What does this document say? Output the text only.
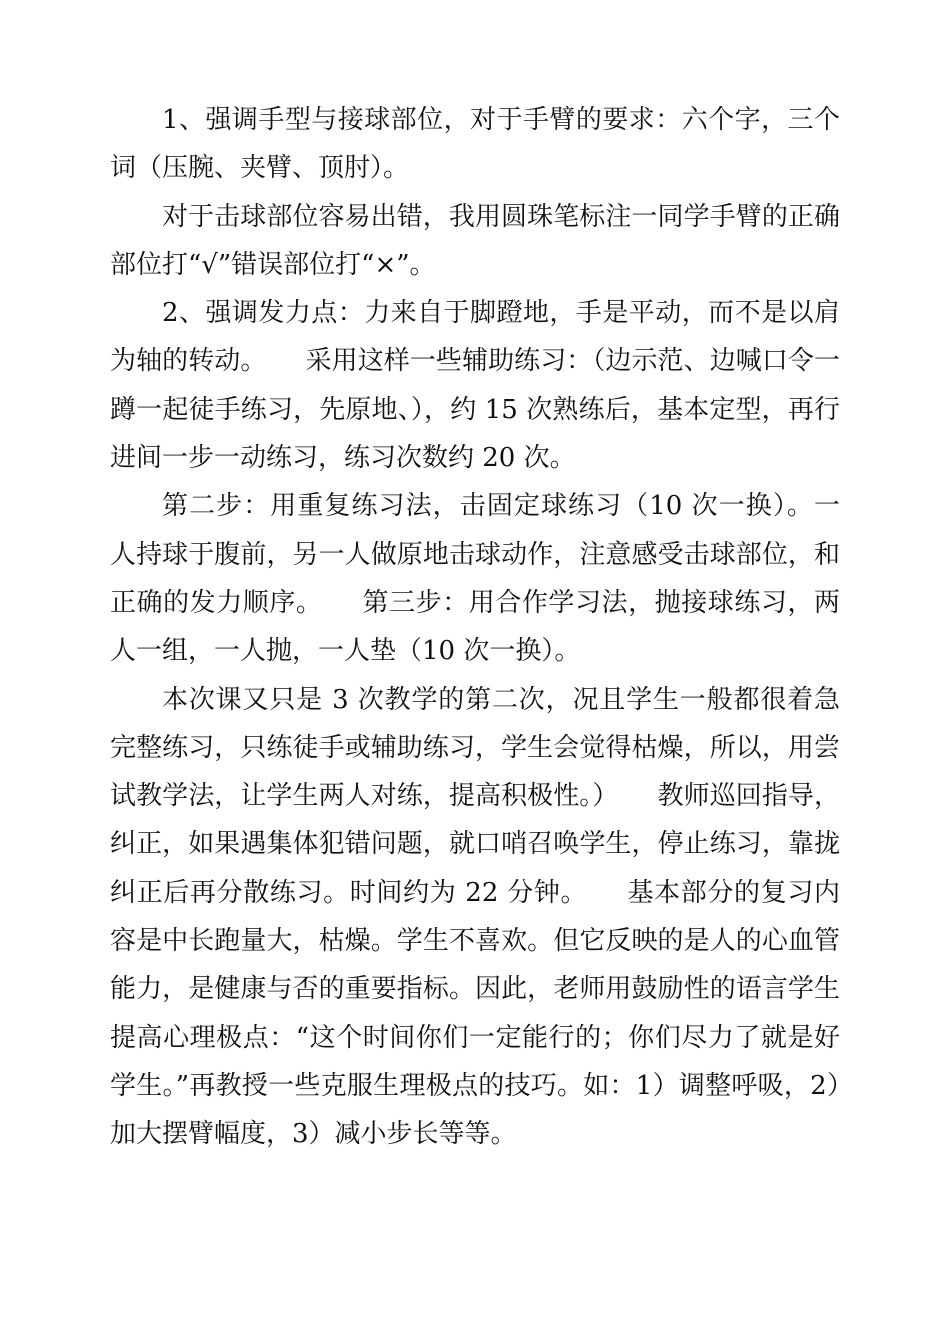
1、强调手型与接球部位，对于手臂的要求：六个字，三个词（压腕、夹臂、顶肘）。

对于击球部位容易出错，我用圆珠笔标注一同学手臂的正确部位打“√”错误部位打“×”。

2、强调发力点：力来自于脚蹬地，手是平动，而不是以肩为轴的转动。　　采用这样一些辅助练习：（边示范、边喊口令一蹲一起徒手练习，先原地、），约 15 次熟练后，基本定型，再行进间一步一动练习，练习次数约 20 次。

第二步：用重复练习法，击固定球练习（10 次一换）。一人持球于腹前，另一人做原地击球动作，注意感受击球部位，和正确的发力顺序。　　第三步：用合作学习法，抛接球练习，两人一组，一人抛，一人垫（10 次一换）。

本次课又只是 3 次教学的第二次，况且学生一般都很着急完整练习，只练徒手或辅助练习，学生会觉得枯燥，所以，用尝试教学法，让学生两人对练，提高积极性。）　　教师巡回指导，纠正，如果遇集体犯错问题，就口哨召唤学生，停止练习，靠拢纠正后再分散练习。时间约为 22 分钟。　　基本部分的复习内容是中长跑量大，枯燥。学生不喜欢。但它反映的是人的心血管能力，是健康与否的重要指标。因此，老师用鼓励性的语言学生提高心理极点：“这个时间你们一定能行的；你们尽力了就是好学生。”再教授一些克服生理极点的技巧。如：1）调整呼吸，2）加大摆臂幅度，3）减小步长等等。
